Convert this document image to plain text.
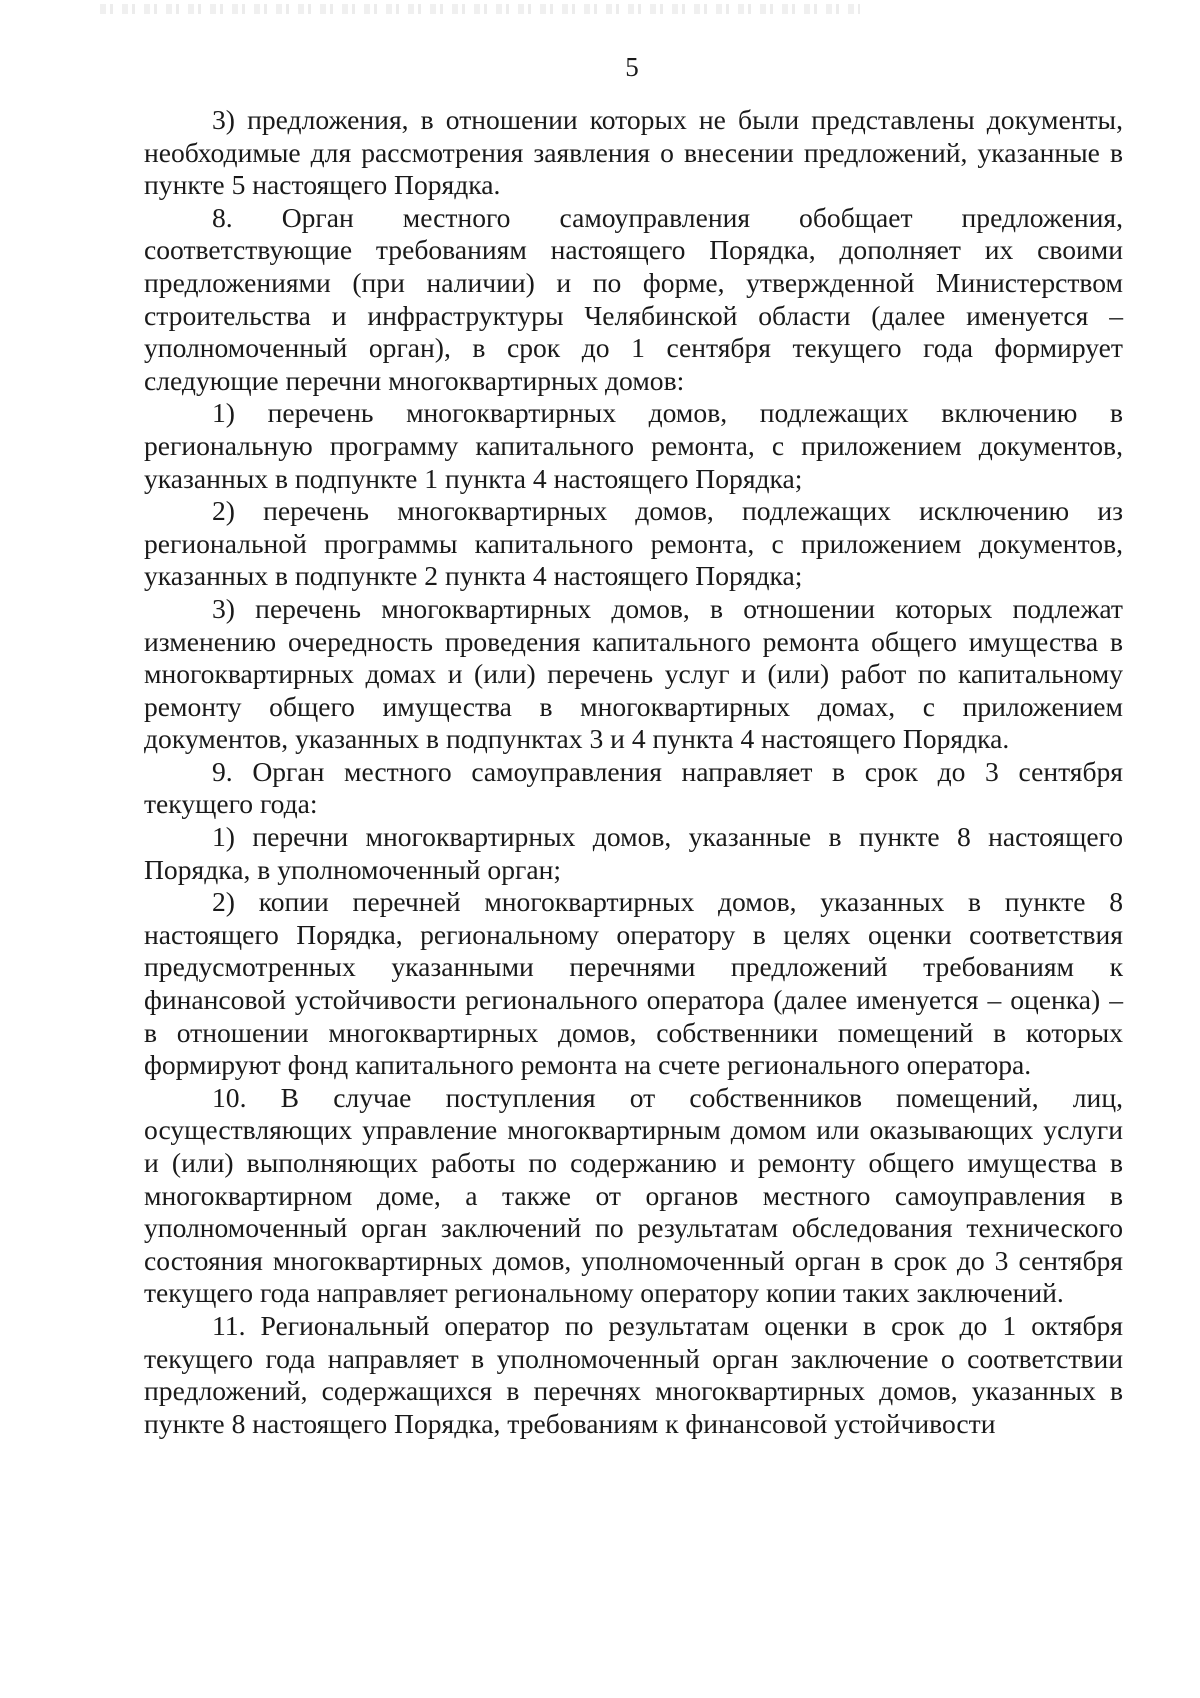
5

3) предложения, в отношении которых не были представлены документы, необходимые для рассмотрения заявления о внесении предложений, указанные в пункте 5 настоящего Порядка.

8. Орган местного самоуправления обобщает предложения, соответствующие требованиям настоящего Порядка, дополняет их своими предложениями (при наличии) и по форме, утвержденной Министерством строительства и инфраструктуры Челябинской области (далее именуется – уполномоченный орган), в срок до 1 сентября текущего года формирует следующие перечни многоквартирных домов:

1) перечень многоквартирных домов, подлежащих включению в региональную программу капитального ремонта, с приложением документов, указанных в подпункте 1 пункта 4 настоящего Порядка;

2) перечень многоквартирных домов, подлежащих исключению из региональной программы капитального ремонта, с приложением документов, указанных в подпункте 2 пункта 4 настоящего Порядка;

3) перечень многоквартирных домов, в отношении которых подлежат изменению очередность проведения капитального ремонта общего имущества в многоквартирных домах и (или) перечень услуг и (или) работ по капитальному ремонту общего имущества в многоквартирных домах, с приложением документов, указанных в подпунктах 3 и 4 пункта 4 настоящего Порядка.

9. Орган местного самоуправления направляет в срок до 3 сентября текущего года:

1) перечни многоквартирных домов, указанные в пункте 8 настоящего Порядка, в уполномоченный орган;

2) копии перечней многоквартирных домов, указанных в пункте 8 настоящего Порядка, региональному оператору в целях оценки соответствия предусмотренных указанными перечнями предложений требованиям к финансовой устойчивости регионального оператора (далее именуется – оценка) – в отношении многоквартирных домов, собственники помещений в которых формируют фонд капитального ремонта на счете регионального оператора.

10. В случае поступления от собственников помещений, лиц, осуществляющих управление многоквартирным домом или оказывающих услуги и (или) выполняющих работы по содержанию и ремонту общего имущества в многоквартирном доме, а также от органов местного самоуправления в уполномоченный орган заключений по результатам обследования технического состояния многоквартирных домов, уполномоченный орган в срок до 3 сентября текущего года направляет региональному оператору копии таких заключений.

11. Региональный оператор по результатам оценки в срок до 1 октября текущего года направляет в уполномоченный орган заключение о соответствии предложений, содержащихся в перечнях многоквартирных домов, указанных в пункте 8 настоящего Порядка, требованиям к финансовой устойчивости
